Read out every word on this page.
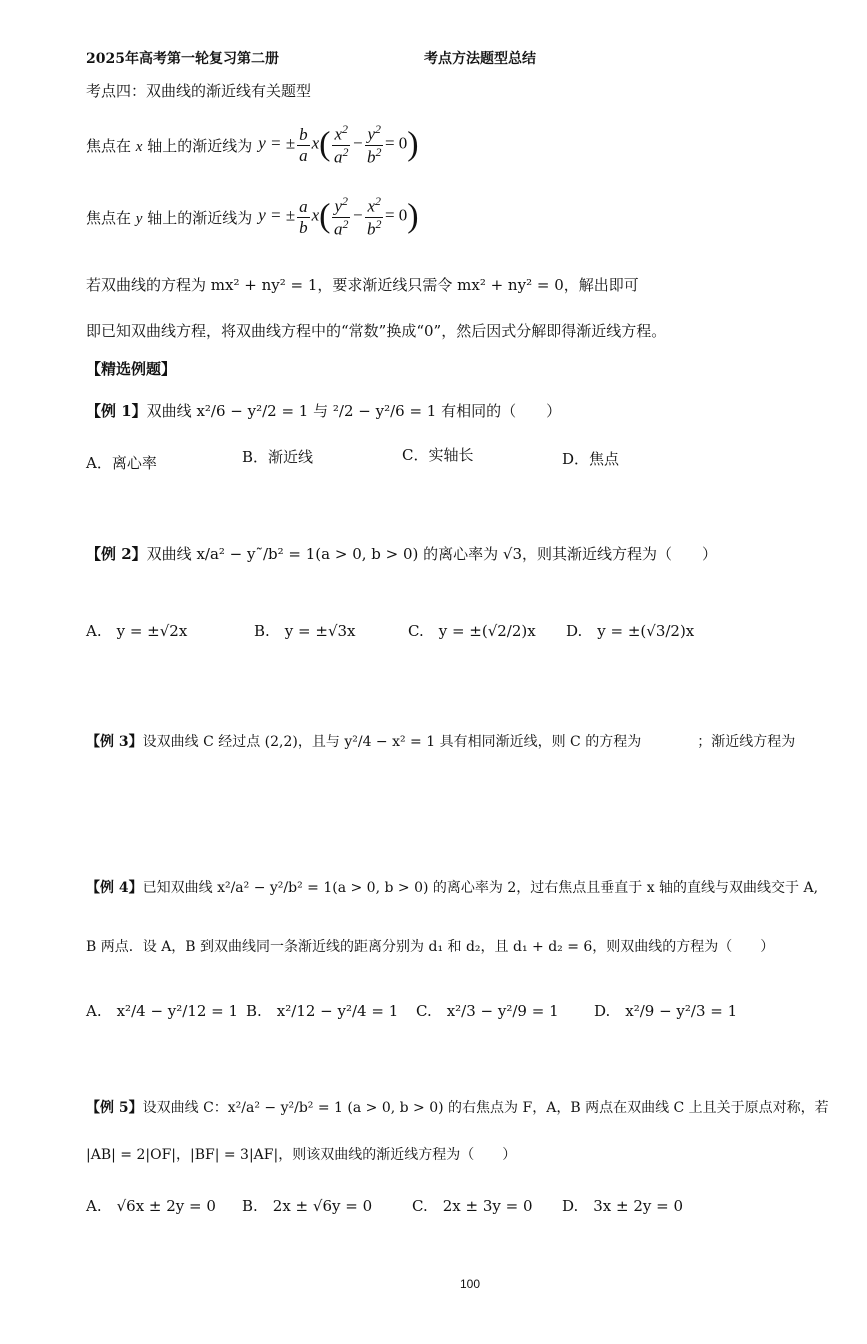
2025年高考第一轮复习第二册	考点方法题型总结
考点四：双曲线的渐近线有关题型
焦点在 x 轴上的渐近线为 y = ± $\frac{b}{a} x( \frac{x^2}{a^2} - \frac{y^2}{b^2} = 0)$
焦点在 y 轴上的渐近线为 y = ± $\frac{a}{b} x( \frac{y^2}{a^2} - \frac{x^2}{b^2} = 0)$
若双曲线的方程为 mx² + ny² = 1，要求渐近线只需令 mx² + ny² = 0，解出即可
即已知双曲线方程，将双曲线方程中的“常数”换成“0”，然后因式分解即得渐近线方程。
【精选例题】
【例 1】双曲线 x²/6 − y²/2 = 1 与 ²/2 − y²/6 = 1 有相同的（　　）
A．离心率	B．渐近线	C．实轴长	D．焦点
【例 2】双曲线 x/a² − y˜/b² = 1(a > 0, b > 0) 的离心率为 √3，则其渐近线方程为（　　）
A.　y = ±√2x	B.　y = ±√3x	C.　y = ±(√2/2)x D.　y = ±(√3/2)x
【例 3】设双曲线 C 经过点 (2,2)，且与 y²/4 − x² = 1 具有相同渐近线，则 C 的方程为　　　　；渐近线方程为
【例 4】已知双曲线 x²/a² − y²/b² = 1(a > 0, b > 0) 的离心率为 2，过右焦点且垂直于 x 轴的直线与双曲线交于 A,
B 两点．设 A，B 到双曲线同一条渐近线的距离分别为 d₁ 和 d₂，且 d₁ + d₂ = 6，则双曲线的方程为（　　）
A.　x²/4 − y²/12 = 1 B.　x²/12 − y²/4 = 1 C.　x²/3 − y²/9 = 1 D.　x²/9 − y²/3 = 1
【例 5】设双曲线 C：x²/a² − y²/b² = 1 (a > 0, b > 0) 的右焦点为 F，A，B 两点在双曲线 C 上且关于原点对称，若
|AB| = 2|OF|，|BF| = 3|AF|，则该双曲线的渐近线方程为（　　）
A.　√6x ± 2y = 0 B.　2x ± √6y = 0	C.　2x ± 3y = 0 D.　3x ± 2y = 0
100
